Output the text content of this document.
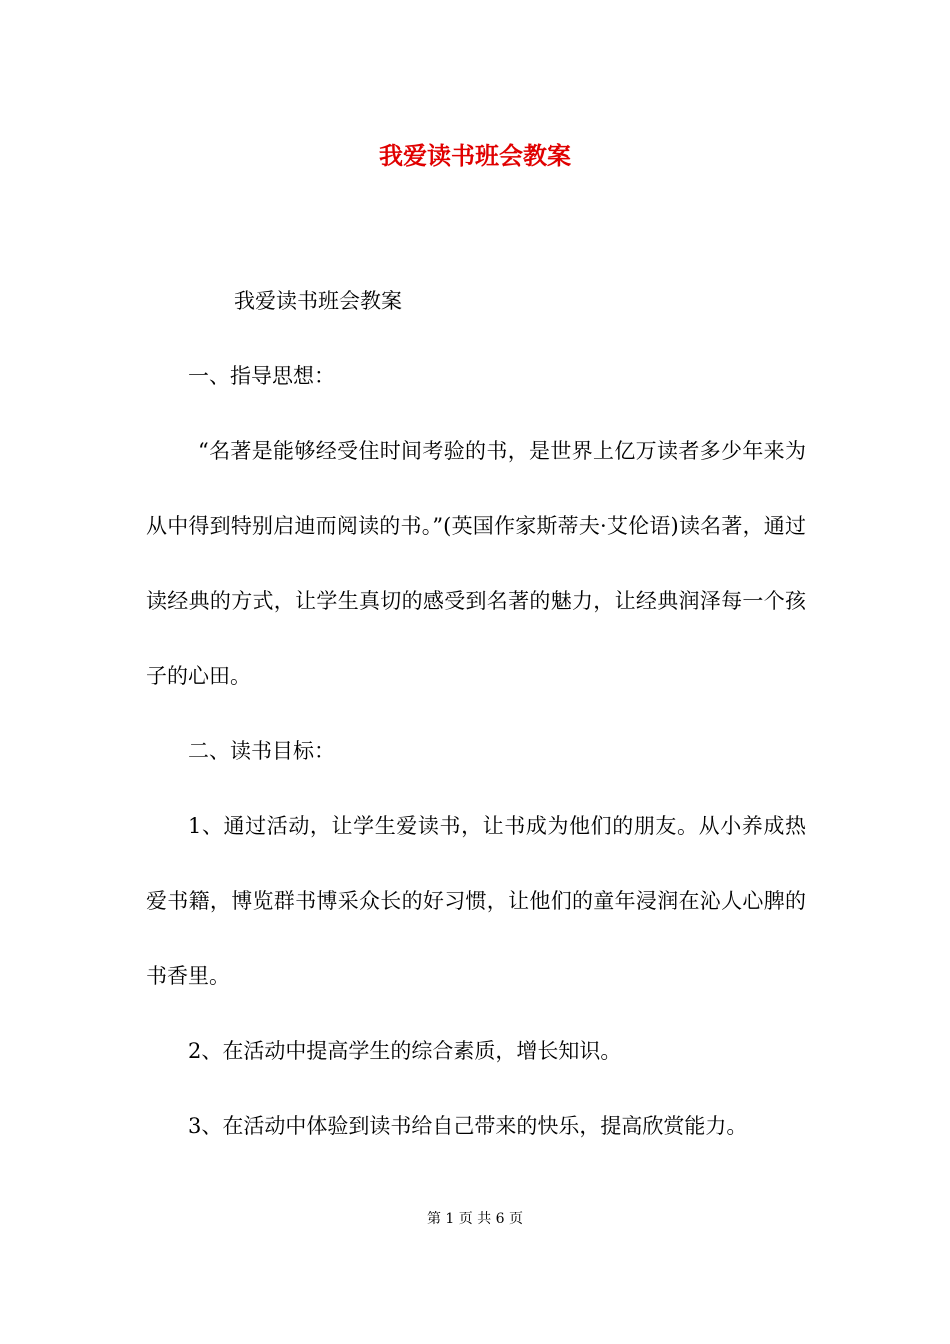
我爱读书班会教案

我爱读书班会教案

一、指导思想：

“名著是能够经受住时间考验的书，是世界上亿万读者多少年来为从中得到特别启迪而阅读的书。”(英国作家斯蒂夫·艾伦语)读名著，通过读经典的方式，让学生真切的感受到名著的魅力，让经典润泽每一个孩子的心田。

二、读书目标：

1、通过活动，让学生爱读书，让书成为他们的朋友。从小养成热爱书籍，博览群书博采众长的好习惯，让他们的童年浸润在沁人心脾的书香里。

2、在活动中提高学生的综合素质，增长知识。

3、在活动中体验到读书给自己带来的快乐，提高欣赏能力。

第 1 页 共 6 页
